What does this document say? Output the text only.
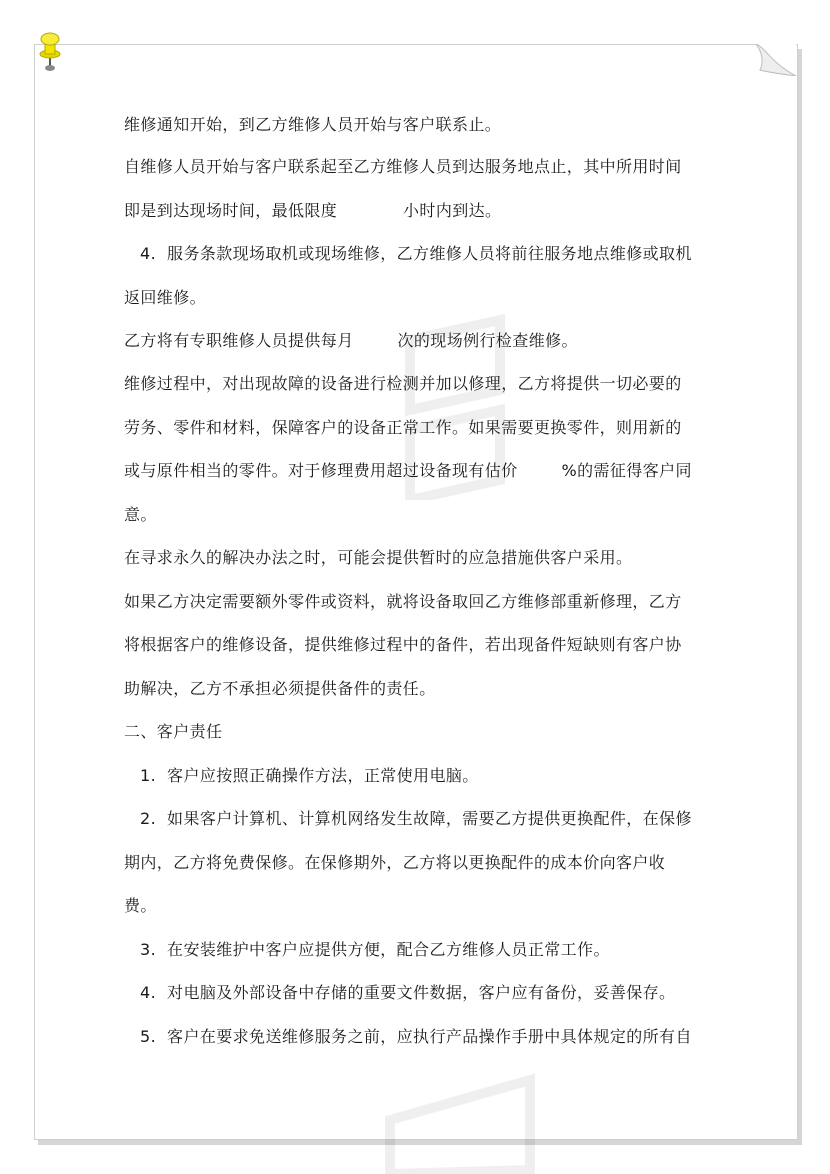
维修通知开始，到乙方维修人员开始与客户联系止。
自维修人员开始与客户联系起至乙方维修人员到达服务地点止，其中所用时间
即是到达现场时间，最低限度            小时内到达。
4.  服务条款现场取机或现场维修，乙方维修人员将前往服务地点维修或取机
返回维修。
乙方将有专职维修人员提供每月        次的现场例行检查维修。
维修过程中，对出现故障的设备进行检测并加以修理，乙方将提供一切必要的
劳务、零件和材料，保障客户的设备正常工作。如果需要更换零件，则用新的
或与原件相当的零件。对于修理费用超过设备现有估价        %的需征得客户同
意。
在寻求永久的解决办法之时，可能会提供暂时的应急措施供客户采用。
如果乙方决定需要额外零件或资料，就将设备取回乙方维修部重新修理，乙方
将根据客户的维修设备，提供维修过程中的备件，若出现备件短缺则有客户协
助解决，乙方不承担必须提供备件的责任。
二、客户责任
1.  客户应按照正确操作方法，正常使用电脑。
2.  如果客户计算机、计算机网络发生故障，需要乙方提供更换配件，在保修
期内，乙方将免费保修。在保修期外，乙方将以更换配件的成本价向客户收
费。
3.  在安装维护中客户应提供方便，配合乙方维修人员正常工作。
4.  对电脑及外部设备中存储的重要文件数据，客户应有备份，妥善保存。
5.  客户在要求免送维修服务之前，应执行产品操作手册中具体规定的所有自
